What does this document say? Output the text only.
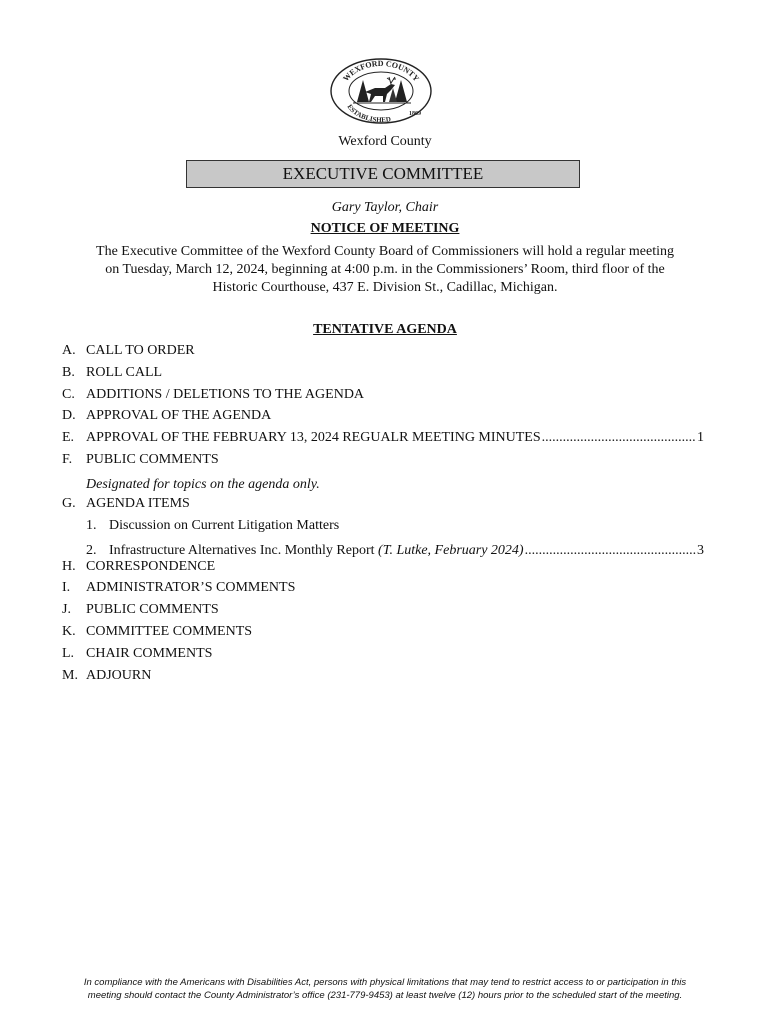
WEXFORD COUNTY
ESTABLISHED
1869
Wexford County
EXECUTIVE COMMITTEE
Gary Taylor, Chair
NOTICE OF MEETING

The Executive Committee of the Wexford County Board of Commissioners will hold a regular meeting
on Tuesday, March 12, 2024, beginning at 4:00 p.m. in the Commissioners’ Room, third floor of the
Historic Courthouse, 437 E. Division St., Cadillac, Michigan.

TENTATIVE AGENDA
A. CALL TO ORDER
B. ROLL CALL
C. ADDITIONS / DELETIONS TO THE AGENDA
D. APPROVAL OF THE AGENDA
E. APPROVAL OF THE FEBRUARY 13, 2024 REGUALR MEETING MINUTES .....	1
F. PUBLIC COMMENTS
Designated for topics on the agenda only.
G. AGENDA ITEMS
1. Discussion on Current Litigation Matters
2. Infrastructure Alternatives Inc. Monthly Report (T. Lutke, February 2024) .....	3
H. CORRESPONDENCE
I.	ADMINISTRATOR’S COMMENTS
J.	PUBLIC COMMENTS
K. COMMITTEE COMMENTS
L. CHAIR COMMENTS
M. ADJOURN

In compliance with the Americans with Disabilities Act, persons with physical limitations that may tend to restrict access to or participation in this
meeting should contact the County Administrator’s office (231-779-9453) at least twelve (12) hours prior to the scheduled start of the meeting.
